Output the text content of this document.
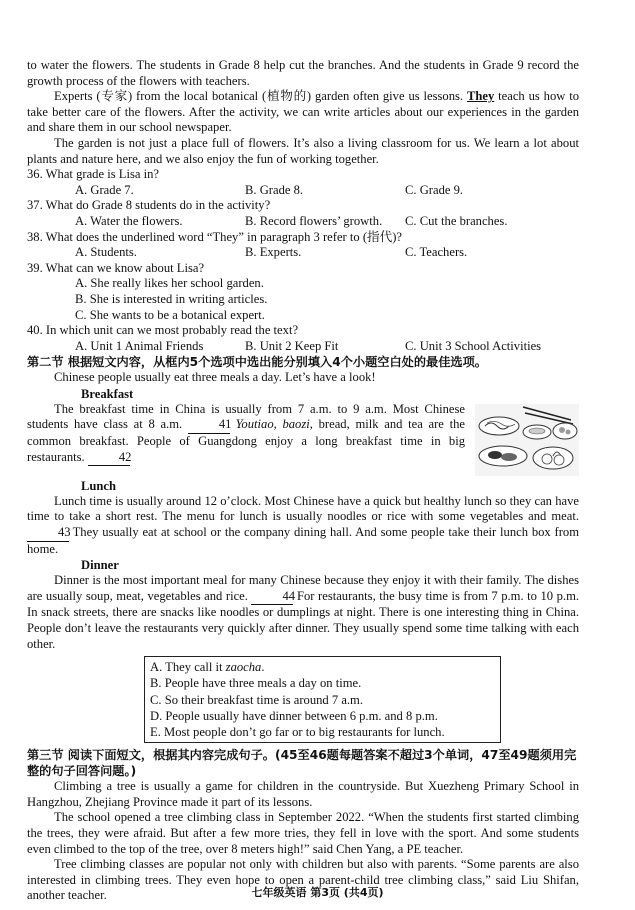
to water the flowers. The students in Grade 8 help cut the branches. And the students in Grade 9 record the growth process of the flowers with teachers.

Experts (专家) from the local botanical (植物的) garden often give us lessons. They teach us how to take better care of the flowers. After the activity, we can write articles about our experiences in the garden and share them in our school newspaper.

The garden is not just a place full of flowers. It’s also a living classroom for us. We learn a lot about plants and nature here, and we also enjoy the fun of working together.

36. What grade is Lisa in?

A. Grade 7.	B. Grade 8.	C. Grade 9.

37. What do Grade 8 students do in the activity?

A. Water the flowers.	B. Record flowers’ growth.	C. Cut the branches.

38. What does the underlined word “They” in paragraph 3 refer to (指代)?

A. Students.	B. Experts.	C. Teachers.

39. What can we know about Lisa?

A. She really likes her school garden.
B. She is interested in writing articles.
C. She wants to be a botanical expert.

40. In which unit can we most probably read the text?

A. Unit 1 Animal Friends	B. Unit 2 Keep Fit	C. Unit 3 School Activities
第二节 根据短文内容，从框内5个选项中选出能分别填入4个小题空白处的最佳选项。

Chinese people usually eat three meals a day. Let’s have a look!

Breakfast

The breakfast time in China is usually from 7 a.m. to 9 a.m. Most Chinese students have class at 8 a.m.	41 Youtiao, baozi, bread, milk and tea are the common breakfast. People of Guangdong enjoy a long breakfast time in big restaurants.	42

Lunch

Lunch time is usually around 12 o’clock. Most Chinese have a quick but healthy lunch so they can have time to take a short rest. The menu for lunch is usually noodles or rice with some vegetables and meat. 43 They usually eat at school or the company dining hall. And some people take their lunch box from home.

Dinner

Dinner is the most important meal for many Chinese because they enjoy it with their family. The dishes are usually soup, meat, vegetables and rice.	44 For restaurants, the busy time is from 7 p.m. to 10 p.m. In snack streets, there are snacks like noodles or dumplings at night. There is one interesting thing in China. People don’t leave the restaurants very quickly after dinner. They usually spend some time talking with each other.

A. They call it zaocha.
B. People have three meals a day on time.
C. So their breakfast time is around 7 a.m.
D. People usually have dinner between 6 p.m. and 8 p.m.
E. Most people don’t go far or to big restaurants for lunch.
第三节 阅读下面短文，根据其内容完成句子。(45至46题每题答案不超过3个单词，47至49题须用完整的句子回答问题。)

Climbing a tree is usually a game for children in the countryside. But Xuezheng Primary School in Hangzhou, Zhejiang Province made it part of its lessons.

The school opened a tree climbing class in September 2022. “When the students first started climbing the trees, they were afraid. But after a few more tries, they fell in love with the sport. And some students even climbed to the top of the tree, over 8 meters high!” said Chen Yang, a PE teacher.

Tree climbing classes are popular not only with children but also with parents. “Some parents are also interested in climbing trees. They even hope to open a parent-child tree climbing class,” said Liu Shifan, another teacher.	七年级英语 第3页 (共4页)
